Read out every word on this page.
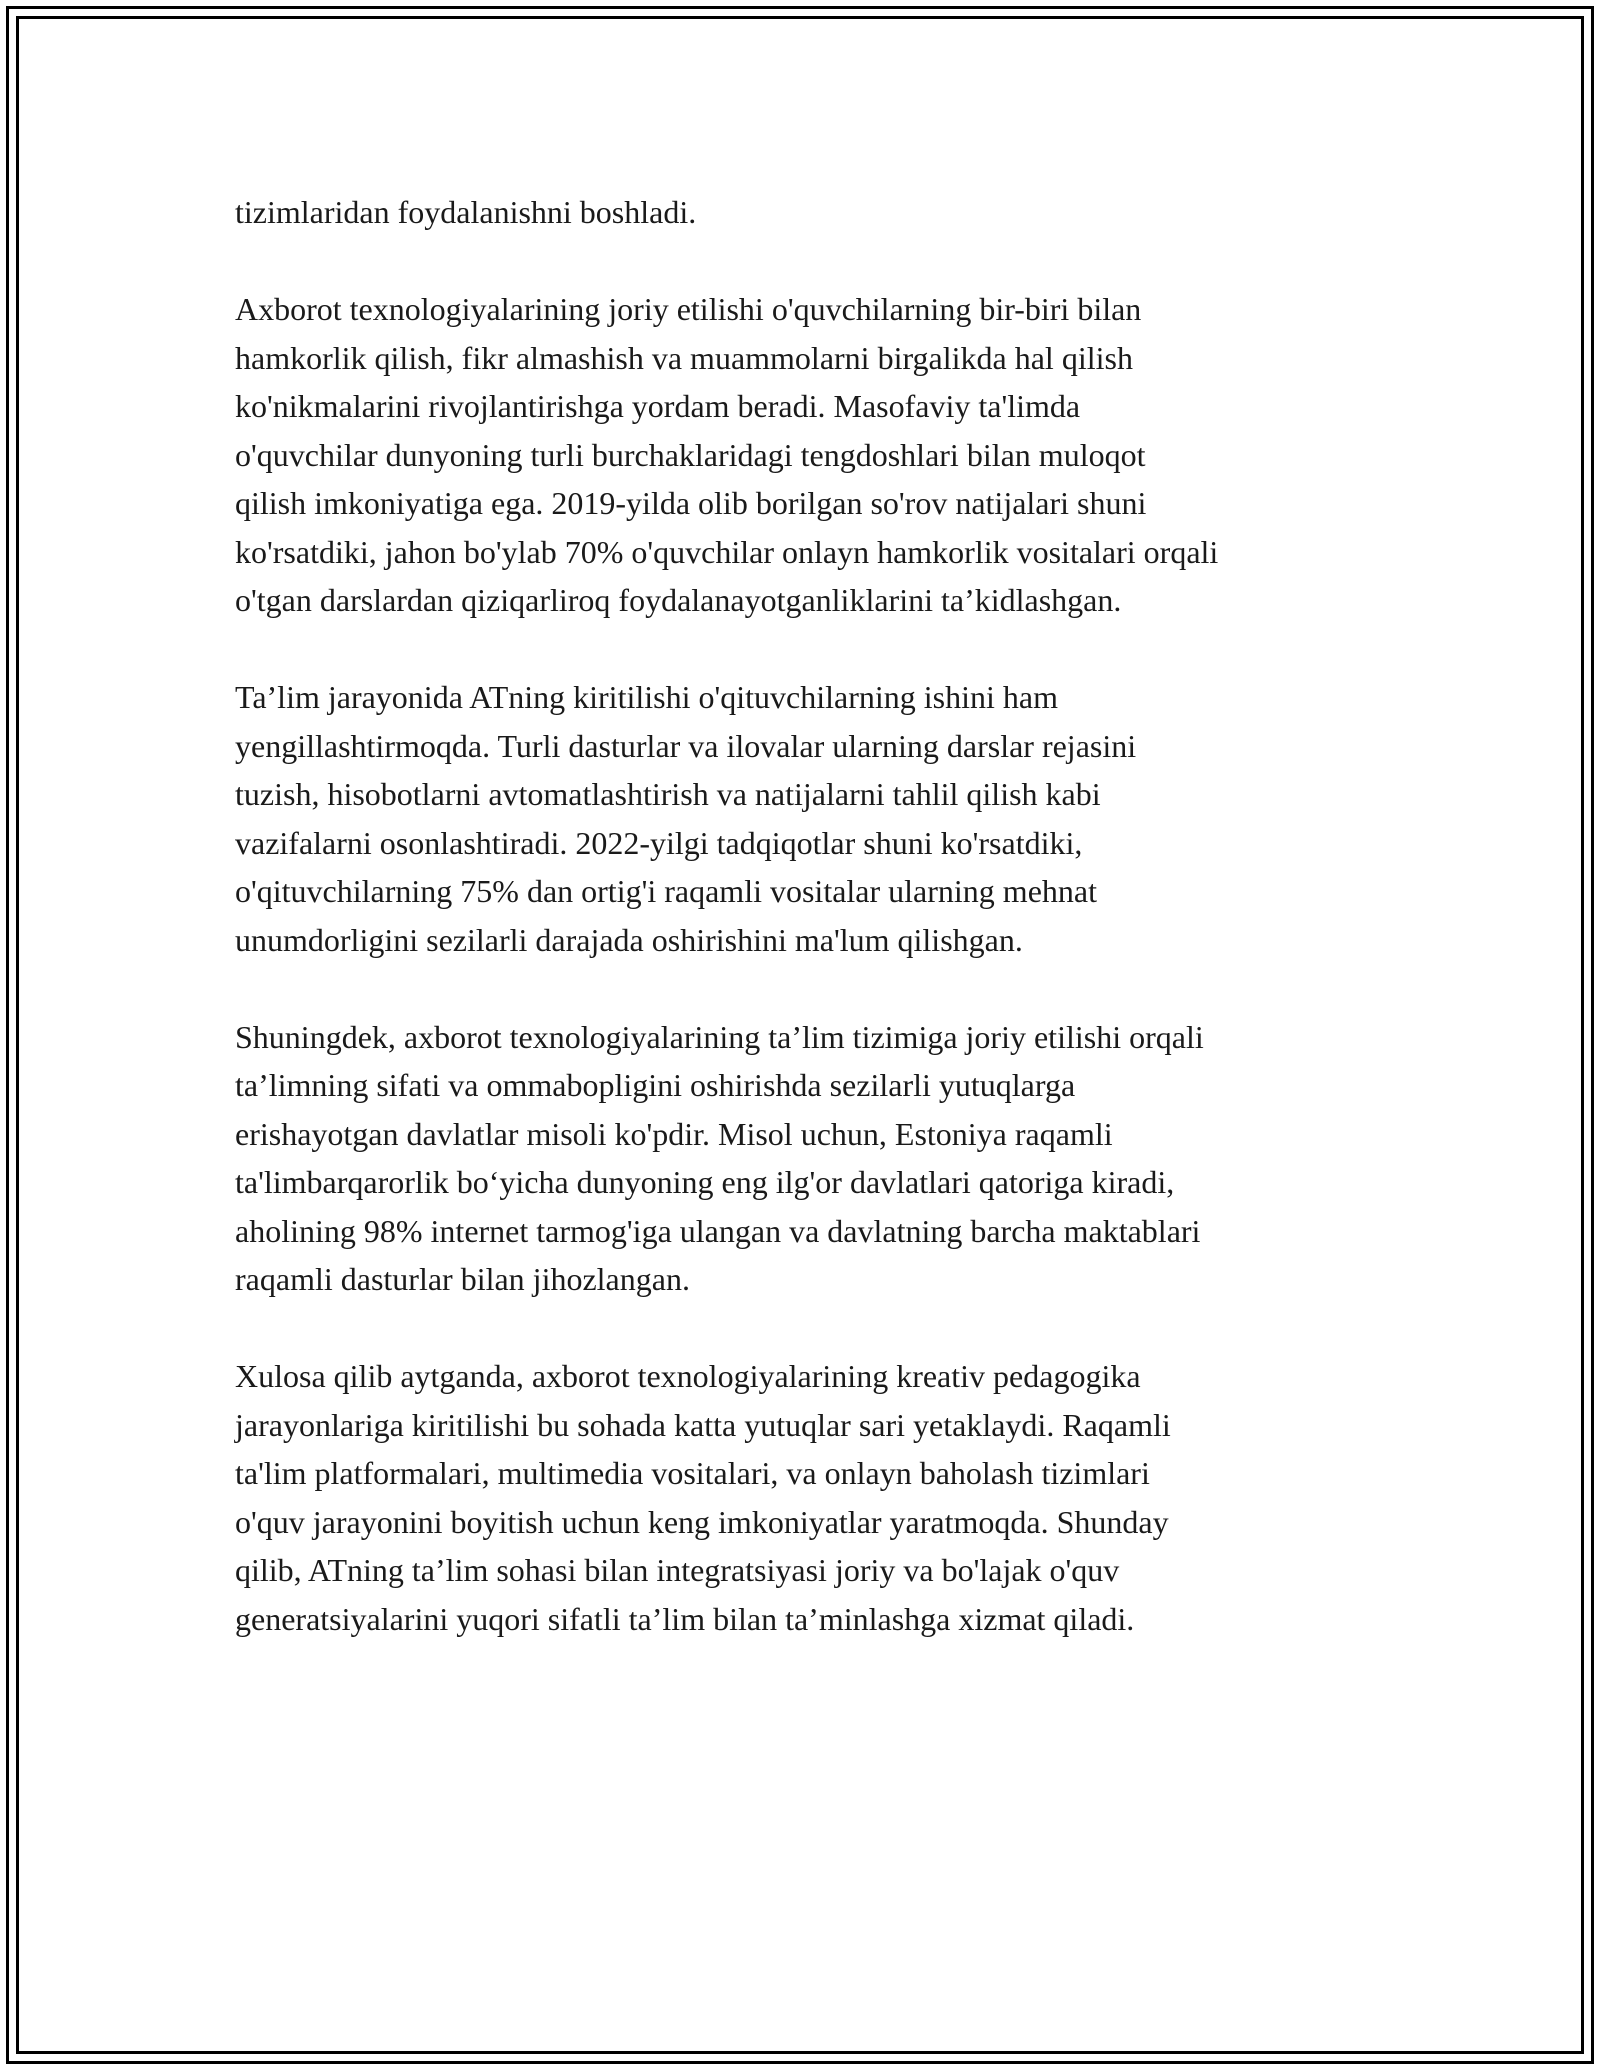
tizimlaridan foydalanishni boshladi.

Axborot texnologiyalarining joriy etilishi o'quvchilarning bir-biri bilan
hamkorlik qilish, fikr almashish va muammolarni birgalikda hal qilish
ko'nikmalarini rivojlantirishga yordam beradi. Masofaviy ta'limda
o'quvchilar dunyoning turli burchaklaridagi tengdoshlari bilan muloqot
qilish imkoniyatiga ega. 2019-yilda olib borilgan so'rov natijalari shuni
ko'rsatdiki, jahon bo'ylab 70% o'quvchilar onlayn hamkorlik vositalari orqali
o'tgan darslardan qiziqarliroq foydalanayotganliklarini ta’kidlashgan.

Ta’lim jarayonida ATning kiritilishi o'qituvchilarning ishini ham
yengillashtirmoqda. Turli dasturlar va ilovalar ularning darslar rejasini
tuzish, hisobotlarni avtomatlashtirish va natijalarni tahlil qilish kabi
vazifalarni osonlashtiradi. 2022-yilgi tadqiqotlar shuni ko'rsatdiki,
o'qituvchilarning 75% dan ortig'i raqamli vositalar ularning mehnat
unumdorligini sezilarli darajada oshirishini ma'lum qilishgan.

Shuningdek, axborot texnologiyalarining ta’lim tizimiga joriy etilishi orqali
ta’limning sifati va ommabopligini oshirishda sezilarli yutuqlarga
erishayotgan davlatlar misoli ko'pdir. Misol uchun, Estoniya raqamli
ta'limbarqarorlik bo‘yicha dunyoning eng ilg'or davlatlari qatoriga kiradi,
aholining 98% internet tarmog'iga ulangan va davlatning barcha maktablari
raqamli dasturlar bilan jihozlangan.

Xulosa qilib aytganda, axborot texnologiyalarining kreativ pedagogika
jarayonlariga kiritilishi bu sohada katta yutuqlar sari yetaklaydi. Raqamli
ta'lim platformalari, multimedia vositalari, va onlayn baholash tizimlari
o'quv jarayonini boyitish uchun keng imkoniyatlar yaratmoqda. Shunday
qilib, ATning ta’lim sohasi bilan integratsiyasi joriy va bo'lajak o'quv
generatsiyalarini yuqori sifatli ta’lim bilan ta’minlashga xizmat qiladi.
